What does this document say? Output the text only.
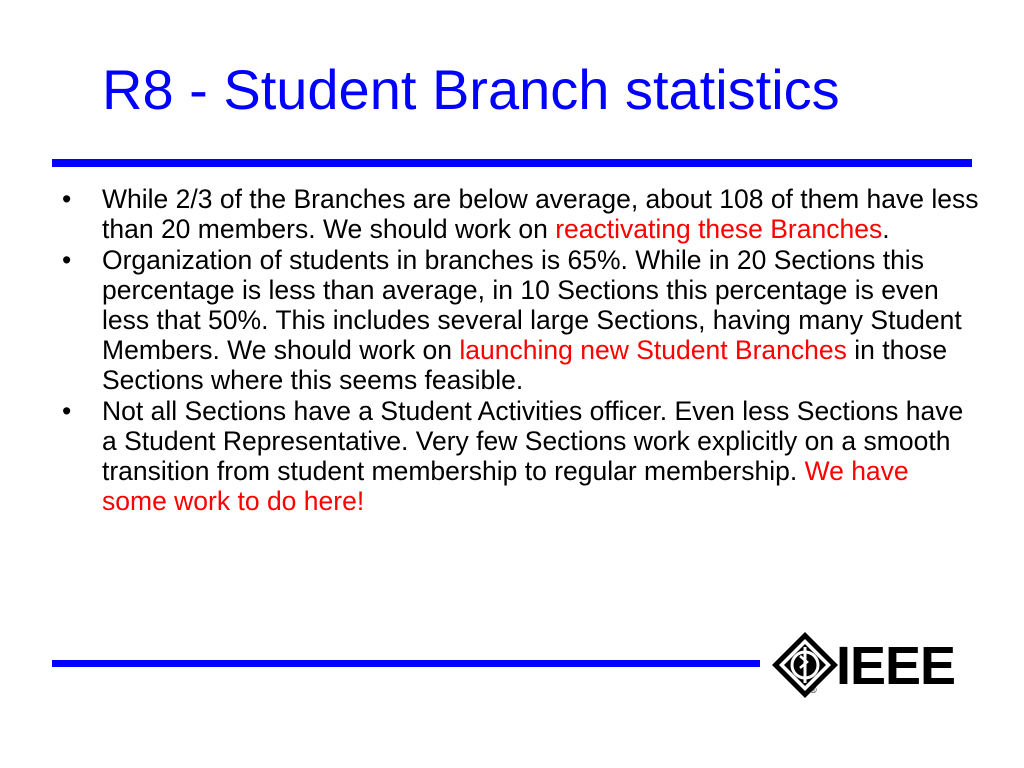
R8 - Student Branch statistics
• While 2/3 of the Branches are below average, about 108 of them have less than 20 members. We should work on reactivating these Branches.
• Organization of students in branches is 65%. While in 20 Sections this percentage is less than average, in 10 Sections this percentage is even less that 50%. This includes several large Sections, having many Student Members. We should work on launching new Student Branches in those Sections where this seems feasible.
• Not all Sections have a Student Activities officer. Even less Sections have a Student Representative. Very few Sections work explicitly on a smooth transition from student membership to regular membership. We have some work to do here!
® IEEE
